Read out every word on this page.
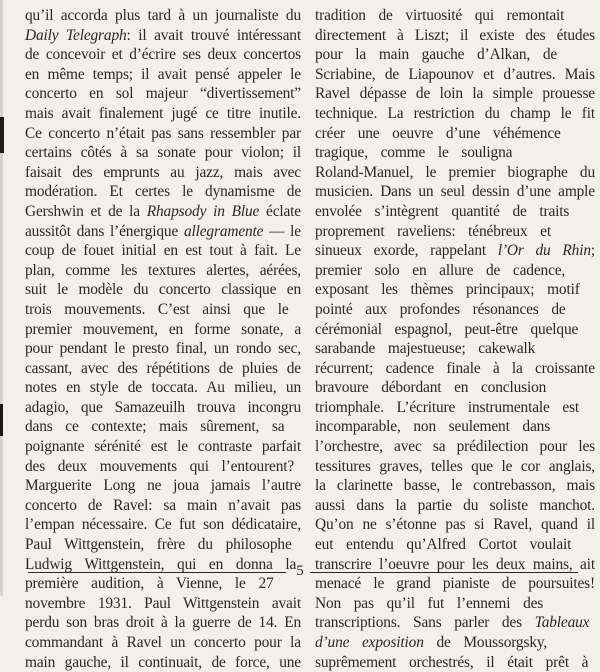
qu’il accorda plus tard à un journaliste du
Daily Telegraph: il avait trouvé intéressant
de concevoir et d’écrire ses deux concertos
en même temps; il avait pensé appeler le
concerto en sol majeur “divertissement”
mais avait finalement jugé ce titre inutile.
Ce concerto n’était pas sans ressembler par
certains côtés à sa sonate pour violon; il
faisait des emprunts au jazz, mais avec
modération. Et certes le dynamisme de
Gershwin et de la Rhapsody in Blue éclate
aussitôt dans l’énergique allegramente — le
coup de fouet initial en est tout à fait. Le
plan, comme les textures alertes, aérées,
suit le modèle du concerto classique en
trois mouvements. C’est ainsi que le
premier mouvement, en forme sonate, a
pour pendant le presto final, un rondo sec,
cassant, avec des répétitions de pluies de
notes en style de toccata. Au milieu, un
adagio, que Samazeuilh trouva incongru
dans ce contexte; mais sûrement, sa
poignante sérénité est le contraste parfait
des deux mouvements qui l’entourent?
Marguerite Long ne joua jamais l’autre
concerto de Ravel: sa main n’avait pas
l’empan nécessaire. Ce fut son dédicataire,
Paul Wittgenstein, frère du philosophe
Ludwig Wittgenstein, qui en donna la
première audition, à Vienne, le 27
novembre 1931. Paul Wittgenstein avait
perdu son bras droit à la guerre de 14. En
commandant à Ravel un concerto pour la
main gauche, il continuait, de force, une
tradition de virtuosité qui remontait
directement à Liszt; il existe des études
pour la main gauche d’Alkan, de
Scriabine, de Liapounov et d’autres. Mais
Ravel dépasse de loin la simple prouesse
technique. La restriction du champ le fit
créer une oeuvre d’une véhémence
tragique, comme le souligna
Roland-Manuel, le premier biographe du
musicien. Dans un seul dessin d’une ample
envolée s’intègrent quantité de traits
proprement raveliens: ténébreux et
sinueux exorde, rappelant l’Or du Rhin;
premier solo en allure de cadence,
exposant les thèmes principaux; motif
pointé aux profondes résonances de
cérémonial espagnol, peut-être quelque
sarabande majestueuse; cakewalk
récurrent; cadence finale à la croissante
bravoure débordant en conclusion
triomphale. L’écriture instrumentale est
incomparable, non seulement dans
l’orchestre, avec sa prédilection pour les
tessitures graves, telles que le cor anglais,
la clarinette basse, le contrebasson, mais
aussi dans la partie du soliste manchot.
Qu’on ne s’étonne pas si Ravel, quand il
eut entendu qu’Alfred Cortot voulait
transcrire l’oeuvre pour les deux mains, ait
menacé le grand pianiste de poursuites!
Non pas qu’il fut l’ennemi des
transcriptions. Sans parler des Tableaux
d’une exposition de Moussorgsky,
suprêmement orchestrés, il était prêt à
5
